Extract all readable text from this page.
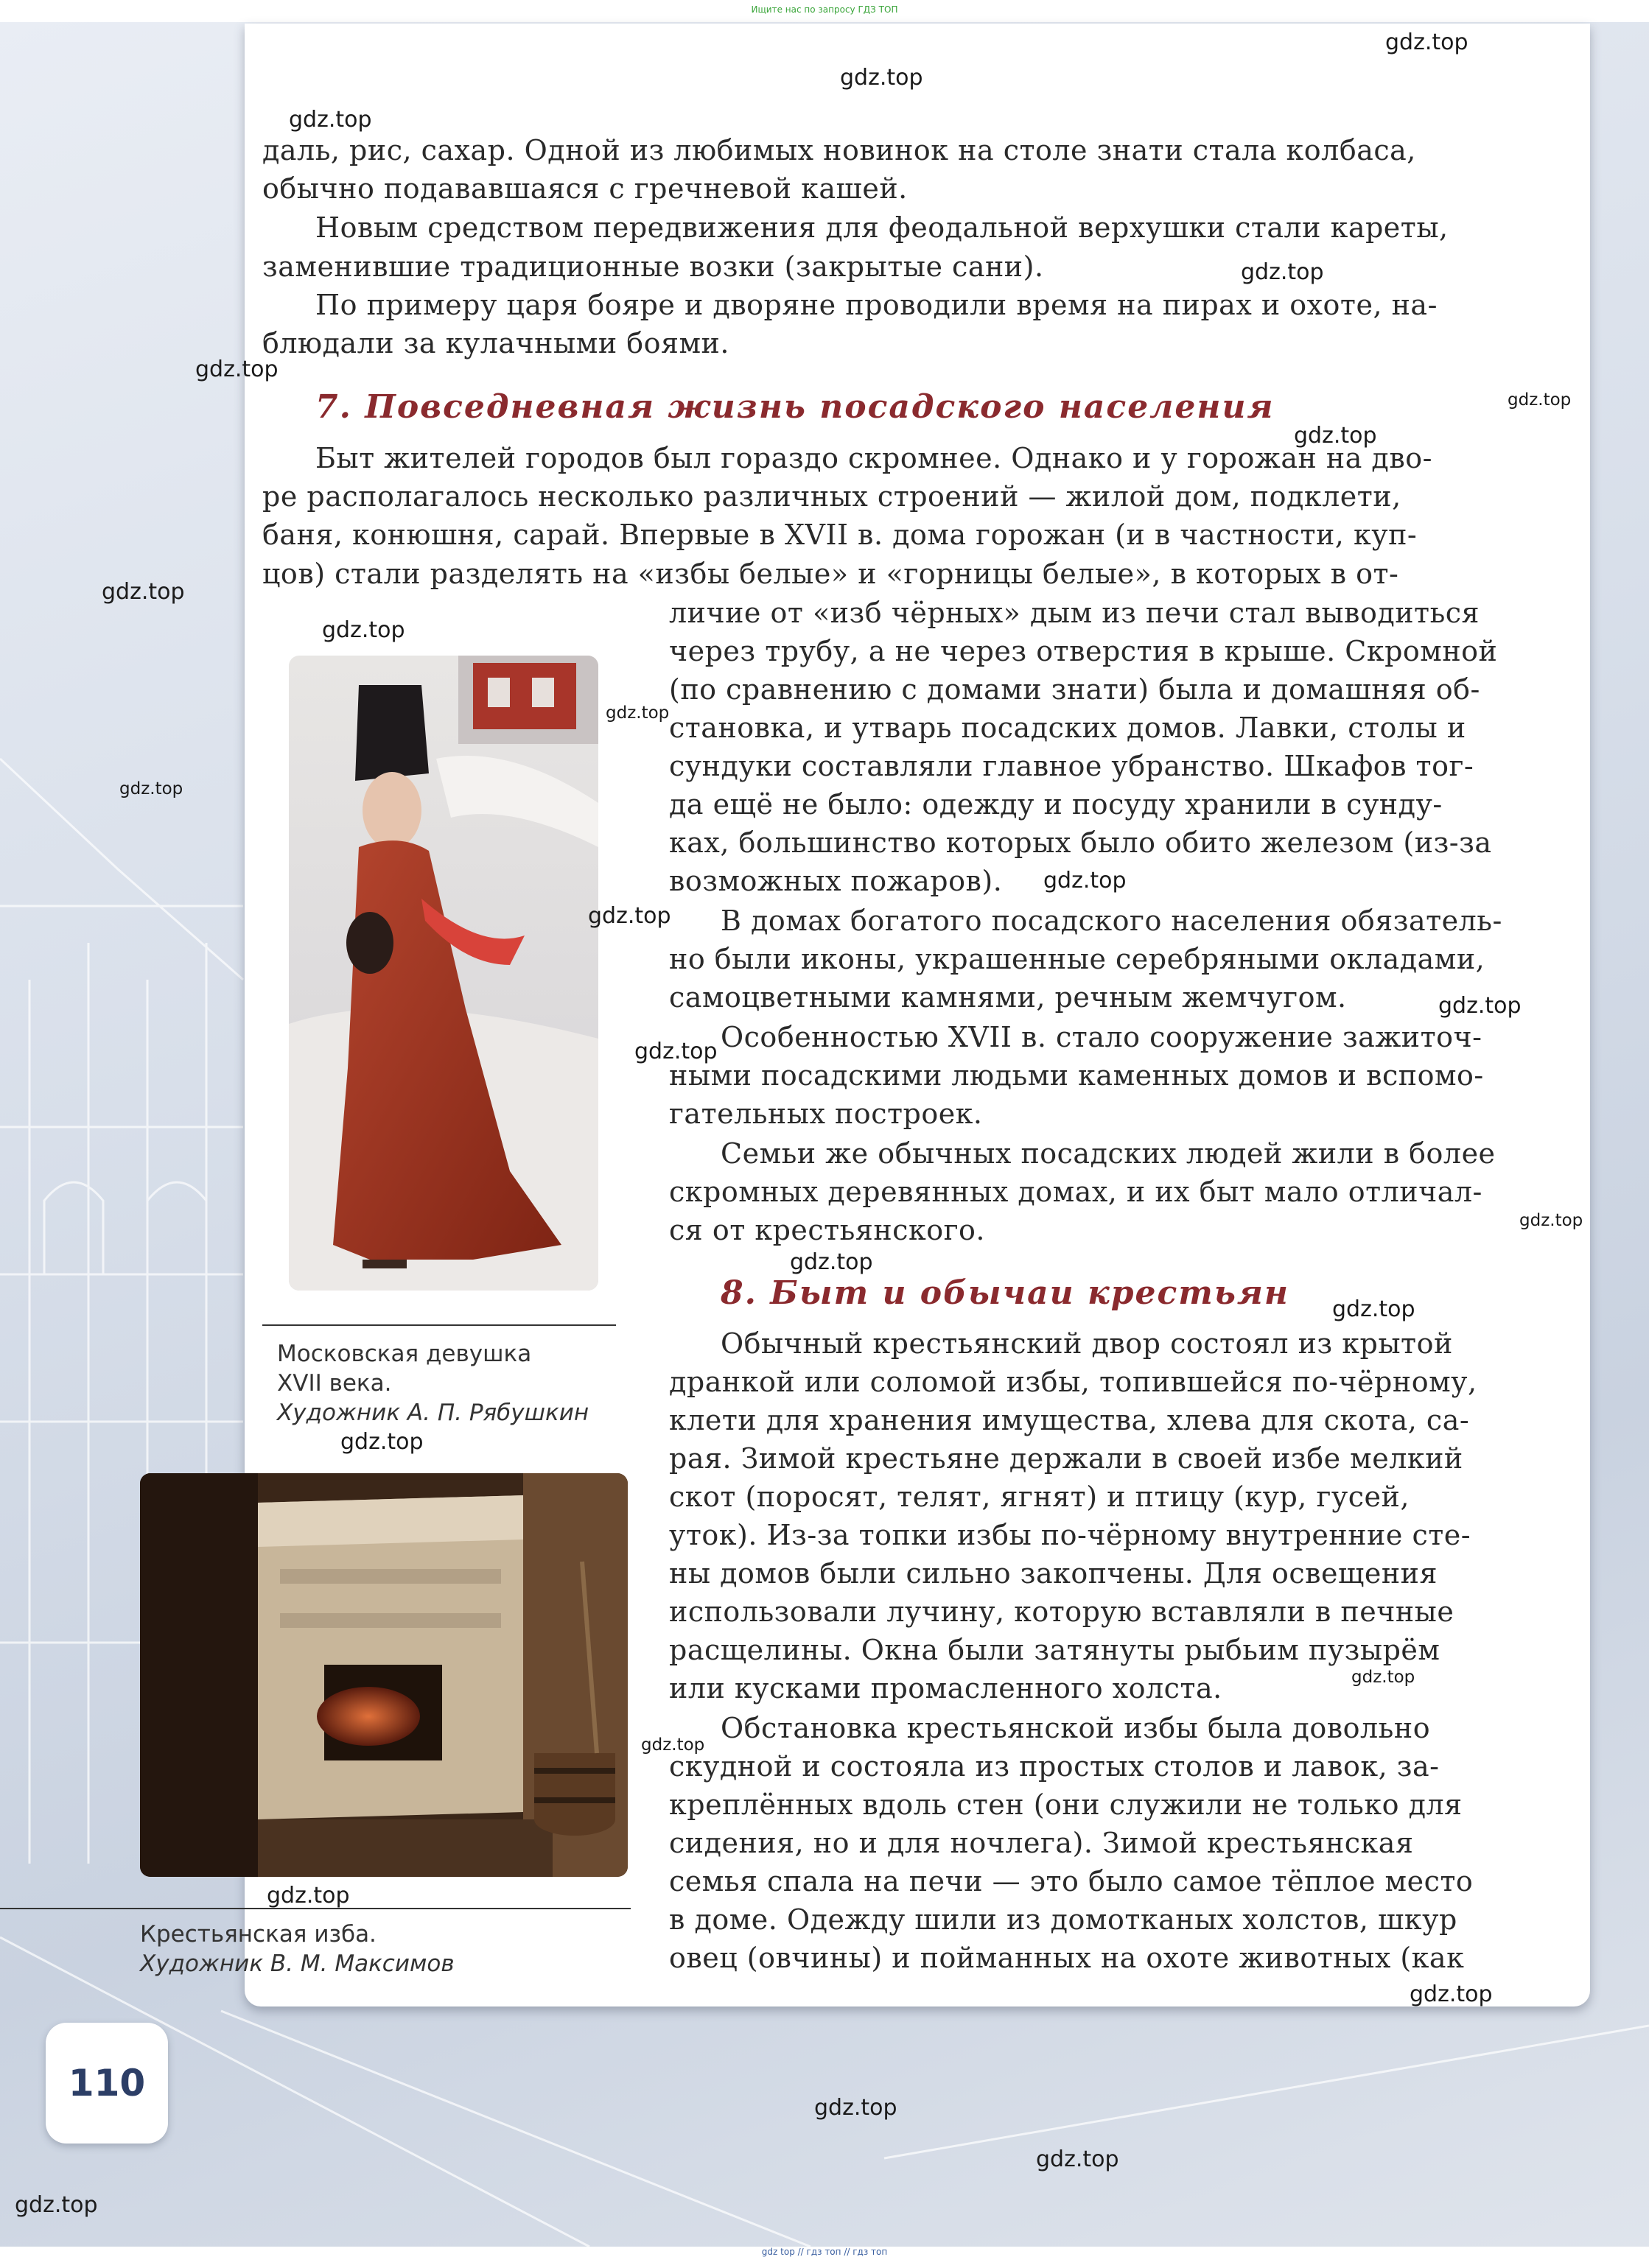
Ищите нас по запросу ГДЗ ТОП
даль, рис, сахар. Одной из любимых новинок на столе знати стала колбаса,
обычно подававшаяся с гречневой кашей.
Новым средством передвижения для феодальной верхушки стали кареты,
заменившие традиционные возки (закрытые сани).
По примеру царя бояре и дворяне проводили время на пирах и охоте, на-
блюдали за кулачными боями.
7. Повседневная жизнь посадского населения
Быт жителей городов был гораздо скромнее. Однако и у горожан на дво-
ре располагалось несколько различных строений — жилой дом, подклети,
баня, конюшня, сарай. Впервые в XVII в. дома горожан (и в частности, куп-
цов) стали разделять на «избы белые» и «горницы белые», в которых в от-
личие от «изб чёрных» дым из печи стал выводиться
через трубу, а не через отверстия в крыше. Скромной
(по сравнению с домами знати) была и домашняя об-
становка, и утварь посадских домов. Лавки, столы и
сундуки составляли главное убранство. Шкафов тог-
да ещё не было: одежду и посуду хранили в сунду-
ках, большинство которых было обито железом (из-за
возможных пожаров).
В домах богатого посадского населения обязатель-
но были иконы, украшенные серебряными окладами,
самоцветными камнями, речным жемчугом.
Особенностью XVII в. стало сооружение зажиточ-
ными посадскими людьми каменных домов и вспомо-
гательных построек.
Семьи же обычных посадских людей жили в более
скромных деревянных домах, и их быт мало отличал-
ся от крестьянского.
8. Быт и обычаи крестьян
Обычный крестьянский двор состоял из крытой
дранкой или соломой избы, топившейся по-чёрному,
клети для хранения имущества, хлева для скота, са-
рая. Зимой крестьяне держали в своей избе мелкий
скот (поросят, телят, ягнят) и птицу (кур, гусей,
уток). Из-за топки избы по-чёрному внутренние сте-
ны домов были сильно закопчены. Для освещения
использовали лучину, которую вставляли в печные
расщелины. Окна были затянуты рыбьим пузырём
или кусками промасленного холста.
Обстановка крестьянской избы была довольно
скудной и состояла из простых столов и лавок, за-
креплённых вдоль стен (они служили не только для
сидения, но и для ночлега). Зимой крестьянская
семья спала на печи — это было самое тёплое место
в доме. Одежду шили из домотканых холстов, шкур
овец (овчины) и пойманных на охоте животных (как
Московская девушка
XVII века.
Художник А. П. Рябушкин
Крестьянская изба.
Художник В. М. Максимов
gdz.top
gdz.top
gdz.top
gdz.top
gdz.top
gdz.top
gdz.top
gdz.top
gdz.top
gdz.top
gdz.top
gdz.top
gdz.top
gdz.top
gdz.top
gdz.top
gdz.top
gdz.top
gdz.top
gdz.top
gdz.top
gdz.top
gdz.top
gdz.top
gdz.top
gdz.top
110
gdz top // гдз топ // гдз топ
